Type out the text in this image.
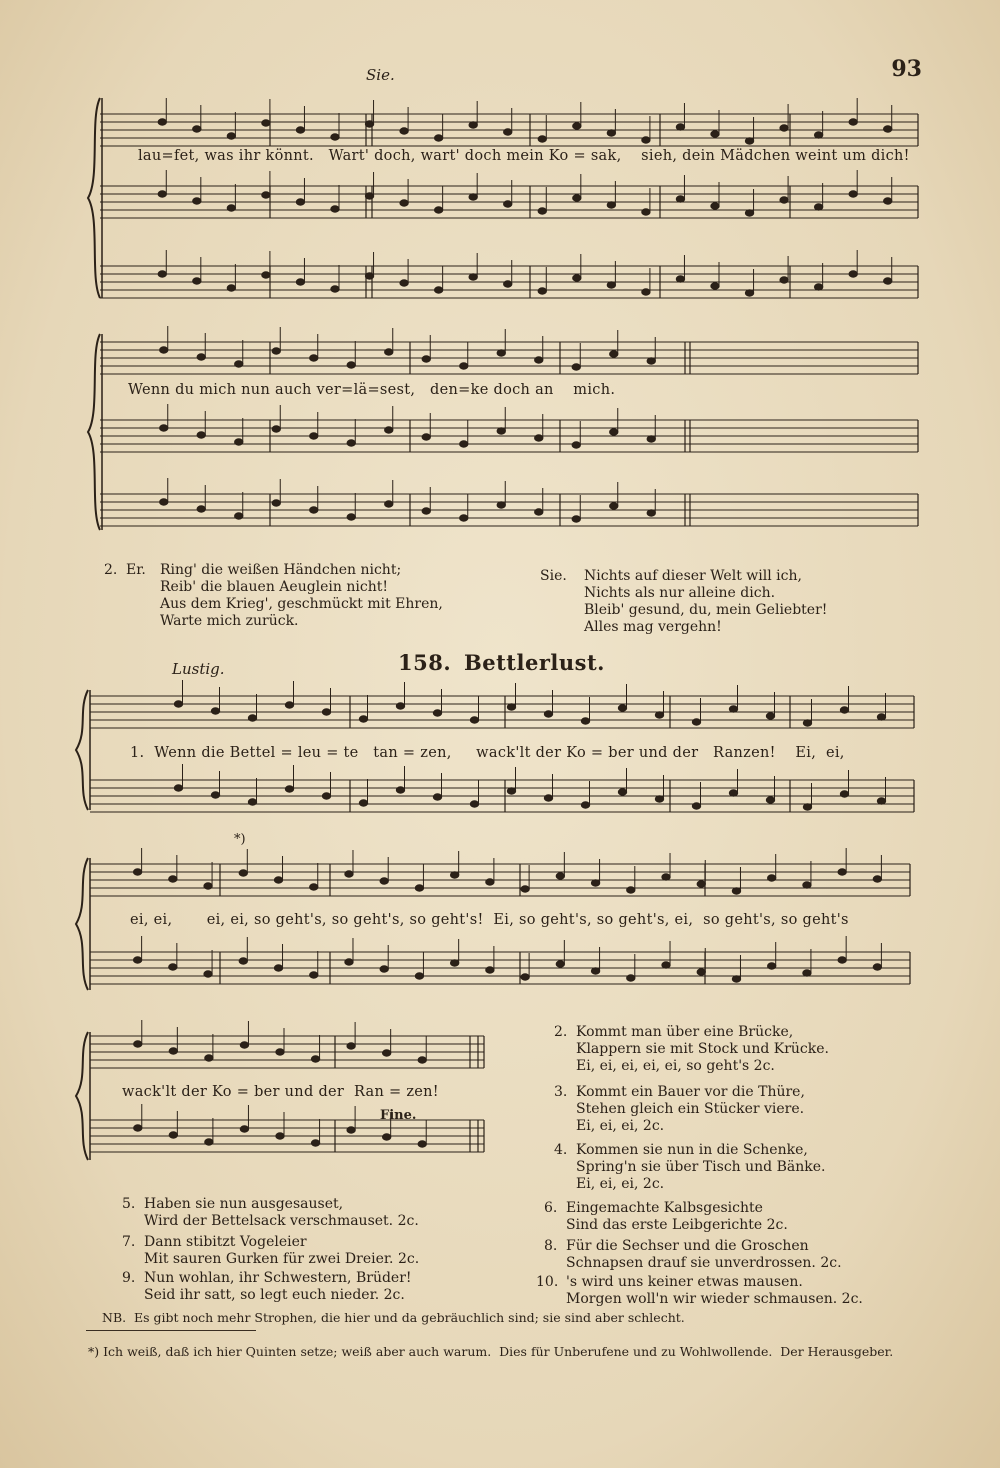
93
Sie.
lau=fet, was ihr könnt.   Wart' doch, wart' doch mein Ko = sak,    sieh, dein Mädchen weint um dich!
Wenn du mich nun auch ver=lä=sest,   den=ke doch an    mich.
2. Er.	Ring' die weißen Händchen nicht;
Reib' die blauen Aeuglein nicht!
Aus dem Krieg', geschmückt mit Ehren,
Warte mich zurück.
Sie.	Nichts auf dieser Welt will ich,
Nichts als nur alleine dich.
Bleib' gesund, du, mein Geliebter!
Alles mag vergehn!
Lustig.	158. Bettlerlust.
1.  Wenn die Bettel = leu = te   tan = zen,     wack'lt der Ko = ber und der   Ranzen!    Ei,  ei,
*)
ei, ei,       ei, ei, so geht's, so geht's, so geht's!  Ei, so geht's, so geht's, ei,  so geht's, so geht's
wack'lt der Ko = ber und der  Ran = zen!
Fine.
2. Kommt man über eine Brücke,
Klappern sie mit Stock und Krücke.
Ei, ei, ei, ei, ei, so geht's 2c.
3. Kommt ein Bauer vor die Thüre,
Stehen gleich ein Stücker viere.
Ei, ei, ei, 2c.
4. Kommen sie nun in die Schenke,
Spring'n sie über Tisch und Bänke.
Ei, ei, ei, 2c.
5. Haben sie nun ausgesauset,
Wird der Bettelsack verschmauset. 2c.
7. Dann stibitzt Vogeleier
Mit sauren Gurken für zwei Dreier. 2c.
9. Nun wohlan, ihr Schwestern, Brüder!
Seid ihr satt, so legt euch nieder. 2c.
6. Eingemachte Kalbsgesichte
Sind das erste Leibgerichte 2c.
8. Für die Sechser und die Groschen
Schnapsen drauf sie unverdrossen. 2c.
10. 's wird uns keiner etwas mausen.
Morgen woll'n wir wieder schmausen. 2c.
NB.  Es gibt noch mehr Strophen, die hier und da gebräuchlich sind; sie sind aber schlecht.
*) Ich weiß, daß ich hier Quinten setze; weiß aber auch warum.  Dies für Unberufene und zu Wohlwollende.  Der Herausgeber.
